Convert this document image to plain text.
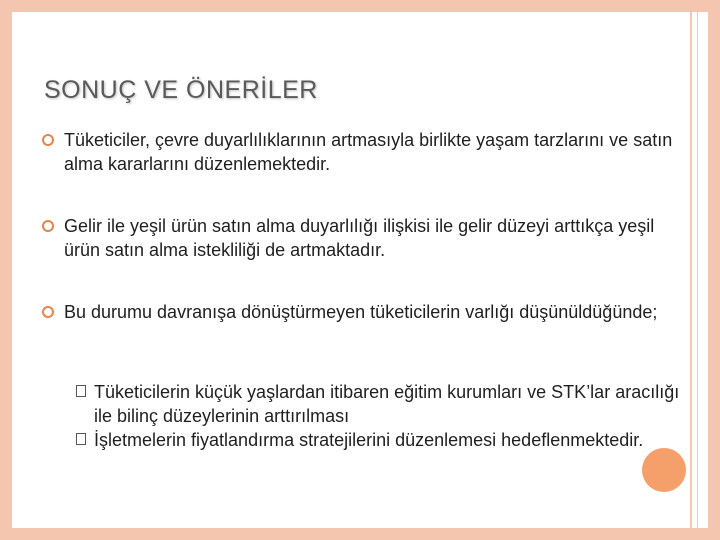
SONUÇ VE ÖNERİLER
Tüketiciler, çevre duyarlılıklarının artmasıyla birlikte yaşam tarzlarını ve satın alma kararlarını düzenlemektedir.
Gelir ile yeşil ürün satın alma duyarlılığı ilişkisi ile gelir düzeyi arttıkça yeşil ürün satın alma istekliliği de artmaktadır.
Bu durumu davranışa dönüştürmeyen tüketicilerin varlığı düşünüldüğünde;
Tüketicilerin küçük yaşlardan itibaren eğitim kurumları ve STK’lar aracılığı ile bilinç düzeylerinin arttırılması
İşletmelerin fiyatlandırma stratejilerini düzenlemesi hedeflenmektedir.
